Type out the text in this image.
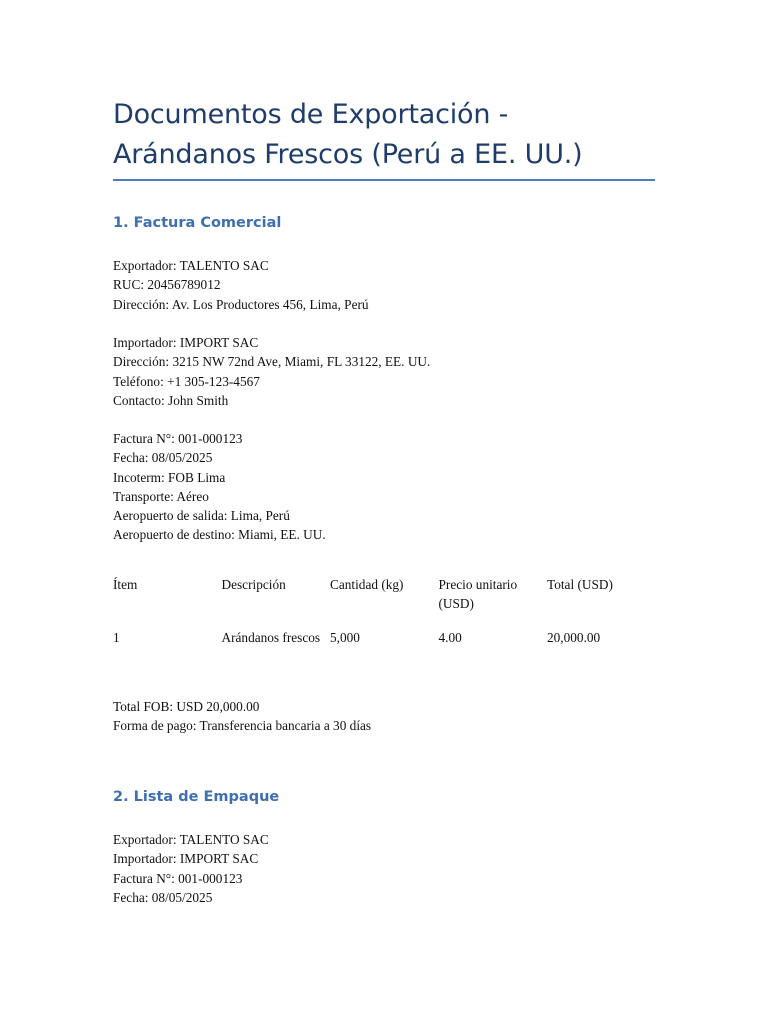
Documentos de Exportación -
Arándanos Frescos (Perú a EE. UU.)
1. Factura Comercial
Exportador: TALENTO SAC
RUC: 20456789012
Dirección: Av. Los Productores 456, Lima, Perú
Importador: IMPORT SAC
Dirección: 3215 NW 72nd Ave, Miami, FL 33122, EE. UU.
Teléfono: +1 305-123-4567
Contacto: John Smith
Factura N°: 001-000123
Fecha: 08/05/2025
Incoterm: FOB Lima
Transporte: Aéreo
Aeropuerto de salida: Lima, Perú
Aeropuerto de destino: Miami, EE. UU.
Ítem	Descripción	Cantidad (kg)	Precio unitario (USD)	Total (USD)
1	Arándanos frescos	5,000	4.00	20,000.00
Total FOB: USD 20,000.00
Forma de pago: Transferencia bancaria a 30 días
2. Lista de Empaque
Exportador: TALENTO SAC
Importador: IMPORT SAC
Factura N°: 001-000123
Fecha: 08/05/2025
